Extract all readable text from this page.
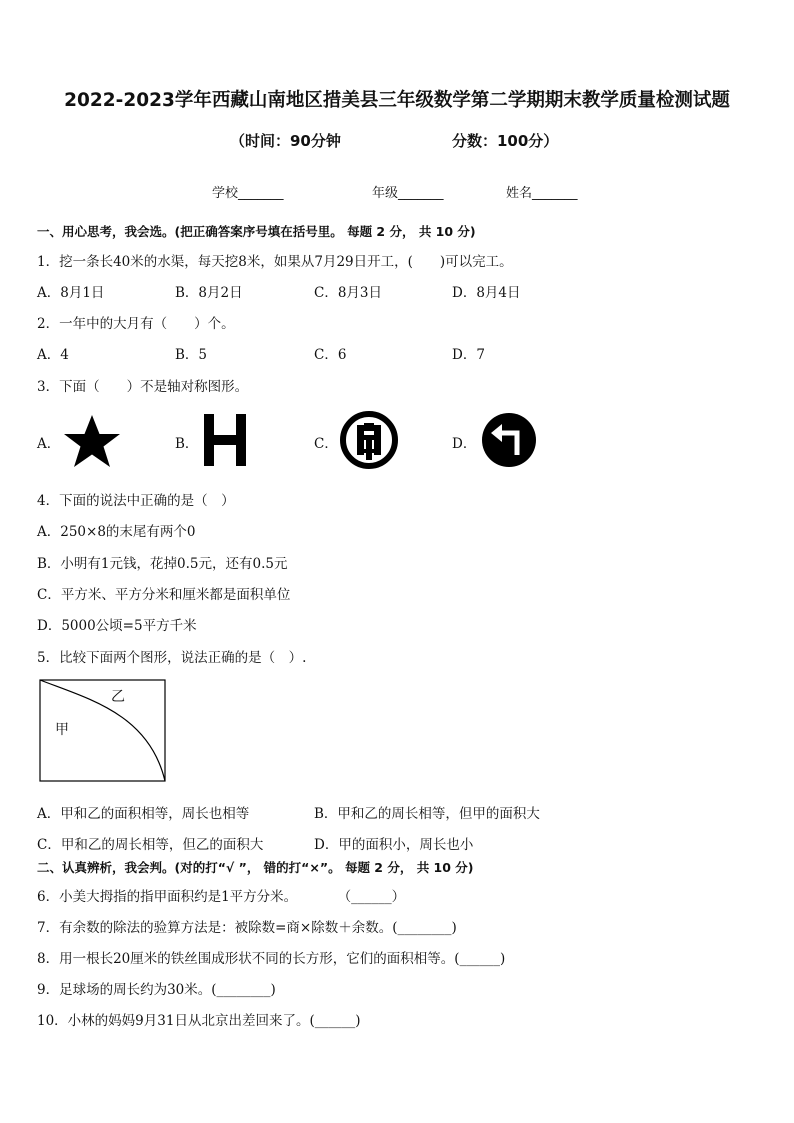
2022-2023学年西藏山南地区措美县三年级数学第二学期期末教学质量检测试题
（时间：90分钟	分数：100分）
学校_______	年级_______	姓名_______
一、用心思考，我会选。(把正确答案序号填在括号里。 每题 2 分， 共 10 分)
1．挖一条长40米的水渠，每天挖8米，如果从7月29日开工，(　　)可以完工。
A．8月1日	B．8月2日	C．8月3日	D．8月4日
2．一年中的大月有（　　）个。
A．4	B．5	C．6	D．7
3．下面（　　）不是轴对称图形。
A．	B．	C．	D．
4．下面的说法中正确的是（　）
A．250×8的末尾有两个0
B．小明有1元钱，花掉0.5元，还有0.5元
C．平方米、平方分米和厘米都是面积单位
D．5000公顷=5平方千米
5．比较下面两个图形，说法正确的是（　）.
乙
甲
A．甲和乙的面积相等，周长也相等	B．甲和乙的周长相等，但甲的面积大
C．甲和乙的周长相等，但乙的面积大	D．甲的面积小，周长也小
二、认真辨析，我会判。(对的打“√ ”， 错的打“×”。 每题 2 分， 共 10 分)
6．小美大拇指的指甲面积约是1平方分米。　　　　（______）
7．有余数的除法的验算方法是：被除数=商×除数＋余数。(________)
8．用一根长20厘米的铁丝围成形状不同的长方形，它们的面积相等。(______)
9．足球场的周长约为30米。(________)
10．小林的妈妈9月31日从北京出差回来了。(______)
